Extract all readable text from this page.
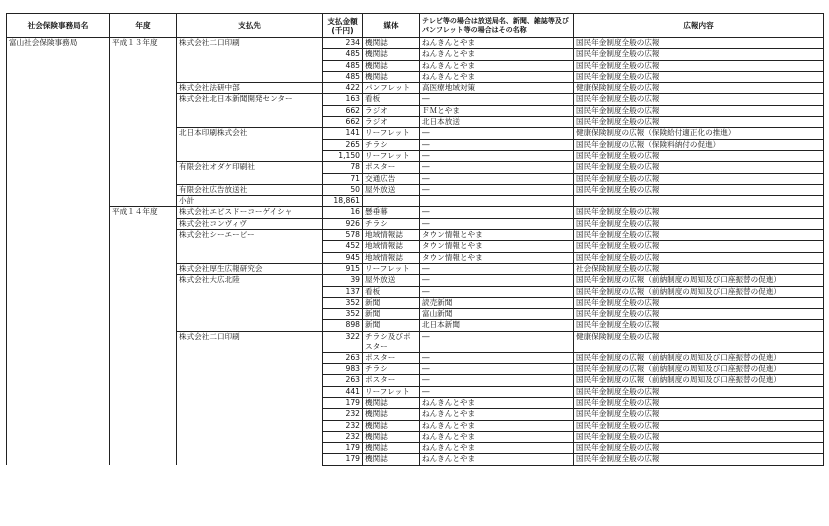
社会保険事務局名	年度	支払先	支払金額
(千円)	媒体	テレビ等の場合は放送局名、新聞、雑誌等及びパンフレット等の場合はその名称	広報内容
富山社会保険事務局	平成１３年度	株式会社二口印刷	234	機関誌	ねんきんとやま	国民年金制度全般の広報
			485	機関誌	ねんきんとやま	国民年金制度全般の広報
			485	機関誌	ねんきんとやま	国民年金制度全般の広報
			485	機関誌	ねんきんとやま	国民年金制度全般の広報
		株式会社法研中部	422	パンフレット	高医療地域対策	健康保険制度全般の広報
		株式会社北日本新聞開発センター	163	看板	―	国民年金制度全般の広報
			662	ラジオ	ＦＭとやま	国民年金制度全般の広報
			662	ラジオ	北日本放送	国民年金制度全般の広報
		北日本印刷株式会社	141	リーフレット	―	健康保険制度の広報（保険給付適正化の推進）
			265	チラシ	―	国民年金制度の広報（保険料納付の促進）
			1,150	リーフレット	―	国民年金制度全般の広報
		有限会社オダケ印刷社	78	ポスター	―	国民年金制度全般の広報
			71	交通広告	―	国民年金制度全般の広報
		有限会社広告放送社	50	屋外放送	―	国民年金制度全般の広報
		小計	18,861			
	平成１４年度	株式会社エピスドーコーゲイシャ	16	懸垂幕	―	国民年金制度全般の広報
		株式会社コンヴィヴ	926	チラシ	―	国民年金制度全般の広報
		株式会社シーエービー	578	地域情報誌	タウン情報とやま	国民年金制度全般の広報
			452	地域情報誌	タウン情報とやま	国民年金制度全般の広報
			945	地域情報誌	タウン情報とやま	国民年金制度全般の広報
		株式会社厚生広報研究会	915	リーフレット	―	社会保険制度全般の広報
		株式会社大広北陸	39	屋外放送	―	国民年金制度の広報（前納制度の周知及び口座振替の促進）
			137	看板	―	国民年金制度の広報（前納制度の周知及び口座振替の促進）
			352	新聞	読売新聞	国民年金制度全般の広報
			352	新聞	富山新聞	国民年金制度全般の広報
			898	新聞	北日本新聞	国民年金制度全般の広報
		株式会社二口印刷	322	チラシ及びポスター	―	健康保険制度全般の広報
			263	ポスター	―	国民年金制度の広報（前納制度の周知及び口座振替の促進）
			983	チラシ	―	国民年金制度の広報（前納制度の周知及び口座振替の促進）
			263	ポスター	―	国民年金制度の広報（前納制度の周知及び口座振替の促進）
			441	リーフレット	―	国民年金制度全般の広報
			179	機関誌	ねんきんとやま	国民年金制度全般の広報
			232	機関誌	ねんきんとやま	国民年金制度全般の広報
			232	機関誌	ねんきんとやま	国民年金制度全般の広報
			232	機関誌	ねんきんとやま	国民年金制度全般の広報
			179	機関誌	ねんきんとやま	国民年金制度全般の広報
			179	機関誌	ねんきんとやま	国民年金制度全般の広報
